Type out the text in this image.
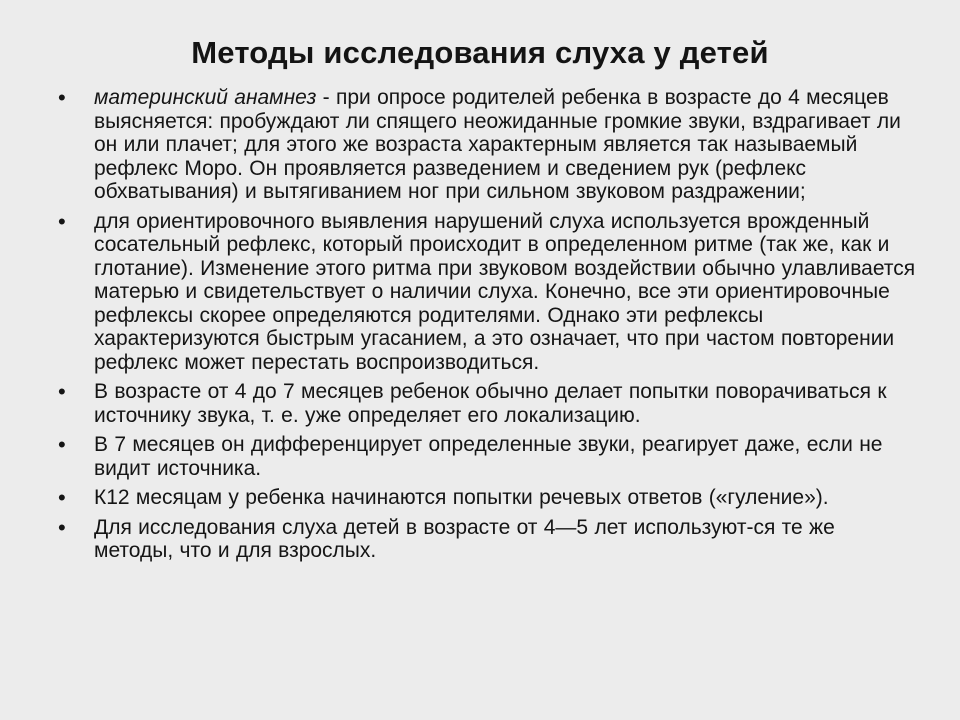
Методы исследования слуха у детей
•	материнский анамнез - при опросе родителей ребенка в возрасте до 4 месяцев выясняется: пробуждают ли спящего неожиданные громкие звуки, вздрагивает ли он или плачет; для этого же возраста характерным является так называемый рефлекс Моро. Он проявляется разведением и сведением рук (рефлекс обхватывания) и вытягиванием ног при сильном звуковом раздражении;
•	для ориентировочного выявления нарушений слуха используется врожденный сосательный рефлекс, который происходит в определенном ритме (так же, как и глотание). Изменение этого ритма при звуковом воздействии обычно улавливается матерью и свидетельствует о наличии слуха. Конечно, все эти ориентировочные рефлексы скорее определяются родителями. Однако эти рефлексы характеризуются быстрым угасанием, а это означает, что при частом повторении рефлекс может перестать воспроизводиться.
•	В возрасте от 4 до 7 месяцев ребенок обычно делает попытки поворачиваться к источнику звука, т. е. уже определяет его локализацию.
•	В 7 месяцев он дифференцирует определенные звуки, реагирует даже, если не видит источника.
•	К12 месяцам у ребенка начинаются попытки речевых ответов («гуление»).
•	Для исследования слуха детей в возрасте от 4—5 лет используют-ся те же методы, что и для взрослых.
